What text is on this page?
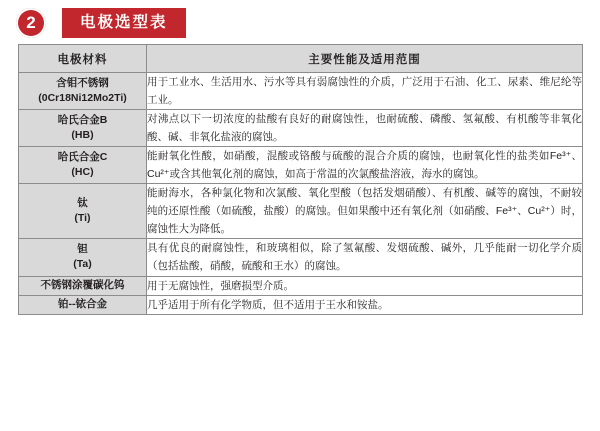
2	电极选型表
电极材料	主要性能及适用范围

含钼不锈钢
(0Cr18Ni12Mo2Ti)	用于工业水、生活用水、污水等具有弱腐蚀性的介质，广泛用于石油、化工、尿素、维尼纶等工业。

哈氏合金B
(HB)	对沸点以下一切浓度的盐酸有良好的耐腐蚀性，也耐硫酸、磷酸、氢氟酸、有机酸等非氧化酸、碱、非氧化盐液的腐蚀。

哈氏合金C
(HC)	能耐氧化性酸，如硝酸，混酸或铬酸与硫酸的混合介质的腐蚀，也耐氧化性的盐类如Fe³⁺、Cu²⁺或含其他氧化剂的腐蚀，如高于常温的次氯酸盐溶液，海水的腐蚀。

钛
(Ti)	能耐海水，各种氯化物和次氯酸、氧化型酸（包括发烟硝酸）、有机酸、碱等的腐蚀，不耐较纯的还原性酸（如硫酸，盐酸）的腐蚀。但如果酸中还有氧化剂（如硝酸、Fe³⁺、Cu²⁺）时，腐蚀性大为降低。

钽
(Ta)	具有优良的耐腐蚀性，和玻璃相似，除了氢氟酸、发烟硫酸、碱外，几乎能耐一切化学介质（包括盐酸，硝酸，硫酸和王水）的腐蚀。

不锈钢涂覆碳化钨	用于无腐蚀性，强磨损型介质。

铂--铱合金	几乎适用于所有化学物质，但不适用于王水和铵盐。
